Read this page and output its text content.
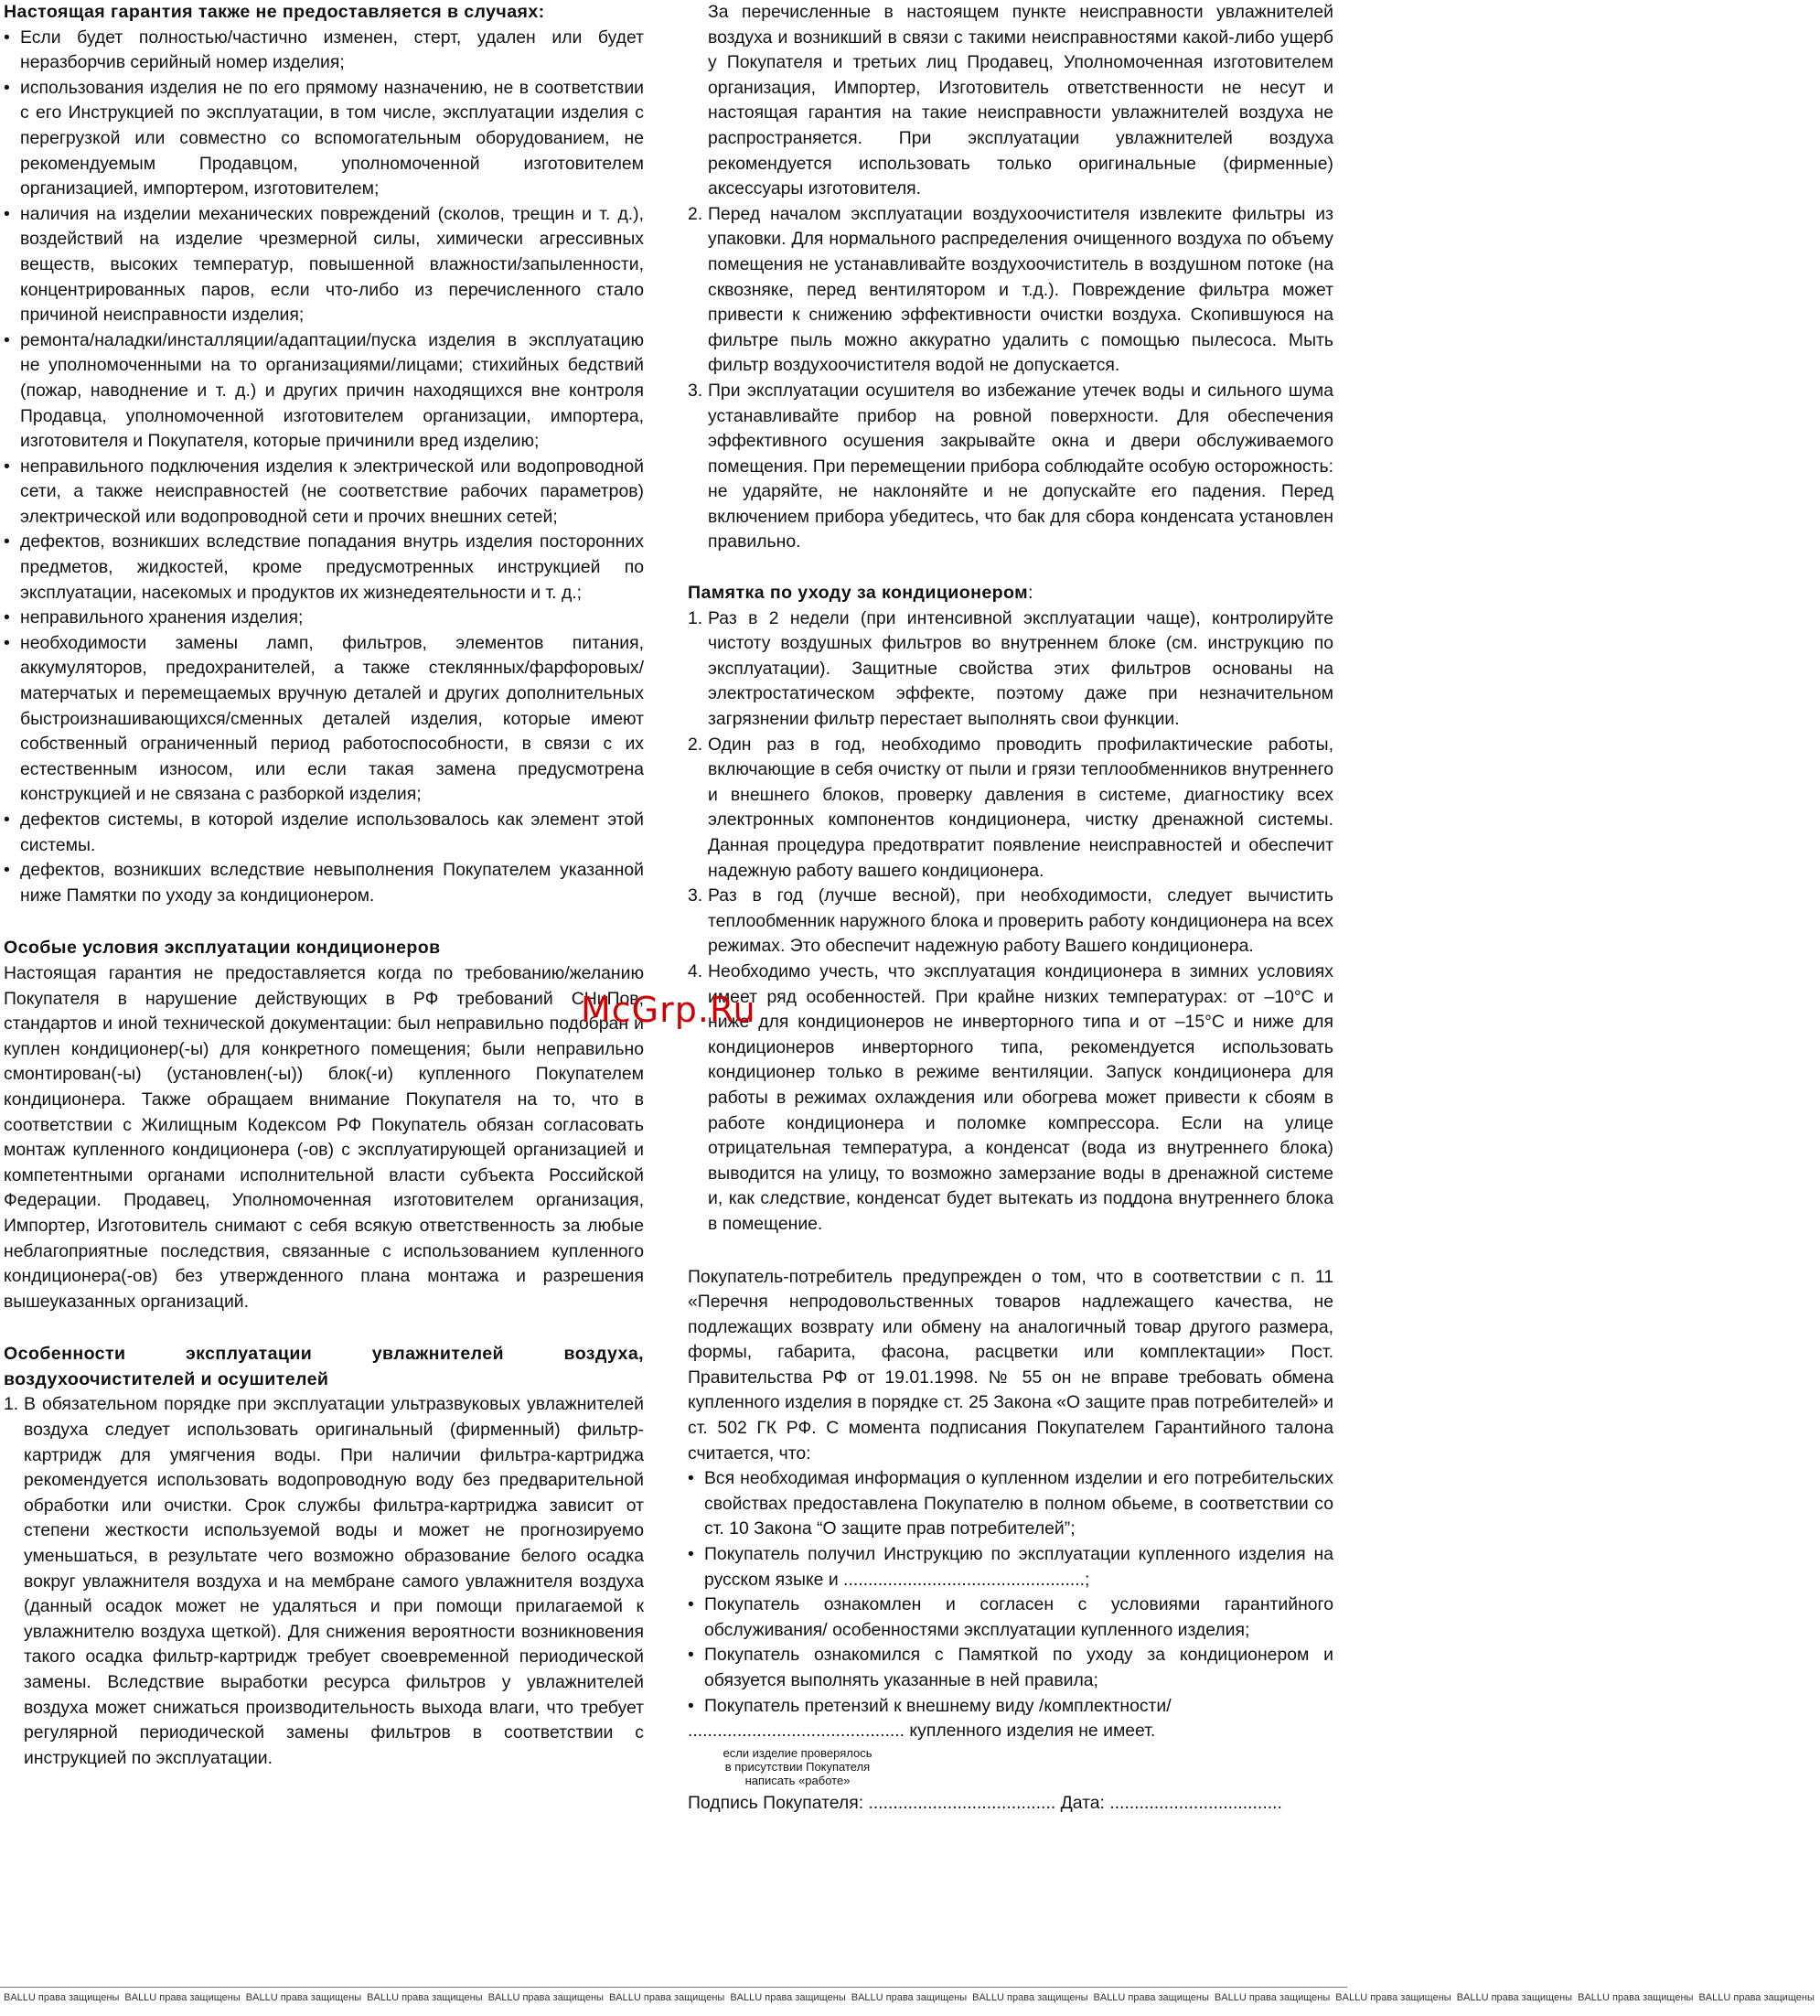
Настоящая гарантия также не предоставляется в случаях:

• Если будет полностью/частично изменен, стерт, удален или будет неразборчив серийный номер изделия;
• использования изделия не по его прямому назначению, не в соответствии с его Инструкцией по эксплуатации, в том числе, эксплуатации изделия с перегрузкой или совместно со вспомогательным оборудованием, не рекомендуемым Продавцом, уполномоченной изготовителем организацией, импортером, изготовителем;
• наличия на изделии механических повреждений (сколов, трещин и т. д.), воздействий на изделие чрезмерной силы, химически агрессивных веществ, высоких температур, повышенной влажности/запыленности, концентрированных паров, если что-либо из перечисленного стало причиной неисправности изделия;
• ремонта/наладки/инсталляции/адаптации/пуска изделия в эксплуатацию не уполномоченными на то организациями/лицами; стихийных бедствий (пожар, наводнение и т. д.) и других причин находящихся вне контроля Продавца, уполномоченной изготовителем организации, импортера, изготовителя и Покупателя, которые причинили вред изделию;
• неправильного подключения изделия к электрической или водопроводной сети, а также неисправностей (не соответствие рабочих параметров) электрической или водопроводной сети и прочих внешних сетей;
• дефектов, возникших вследствие попадания внутрь изделия посторонних предметов, жидкостей, кроме предусмотренных инструкцией по эксплуатации, насекомых и продуктов их жизнедеятельности и т. д.;
• неправильного хранения изделия;
• необходимости замены ламп, фильтров, элементов питания, аккумуляторов, предохранителей, а также стеклянных/фарфоровых/матерчатых и перемещаемых вручную деталей и других дополнительных быстроизнашивающихся/сменных деталей изделия, которые имеют собственный ограниченный период работоспособности, в связи с их естественным износом, или если такая замена предусмотрена конструкцией и не связана с разборкой изделия;
• дефектов системы, в которой изделие использовалось как элемент этой системы.
• дефектов, возникших вследствие невыполнения Покупателем указанной ниже Памятки по уходу за кондиционером.

Особые условия эксплуатации кондиционеров

Настоящая гарантия не предоставляется когда по требованию/желанию Покупателя в нарушение действующих в РФ требований СНиПов, стандартов и иной технической документации: был неправильно подобран и куплен кондиционер(-ы) для конкретного помещения; были неправильно смонтирован(-ы) (установлен(-ы)) блок(-и) купленного Покупателем кондиционера. Также обращаем внимание Покупателя на то, что в соответствии с Жилищным Кодексом РФ Покупатель обязан согласовать монтаж купленного кондиционера (-ов) с эксплуатирующей организацией и компетентными органами исполнительной власти субъекта Российской Федерации. Продавец, Уполномоченная изготовителем организация, Импортер, Изготовитель снимают с себя всякую ответственность за любые неблагоприятные последствия, связанные с использованием купленного кондиционера(-ов) без утвержденного плана монтажа и разрешения вышеуказанных организаций.

Особенности эксплуатации увлажнителей воздуха, воздухоочистителей и осушителей

1. В обязательном порядке при эксплуатации ультразвуковых увлажнителей воздуха следует использовать оригинальный (фирменный) фильтр-картридж для умягчения воды. При наличии фильтра-картриджа рекомендуется использовать водопроводную воду без предварительной обработки или очистки. Срок службы фильтра-картриджа зависит от степени жесткости используемой воды и может не прогнозируемо уменьшаться, в результате чего возможно образование белого осадка вокруг увлажнителя воздуха и на мембране самого увлажнителя воздуха (данный осадок может не удаляться и при помощи прилагаемой к увлажнителю воздуха щеткой). Для снижения вероятности возникновения такого осадка фильтр-картридж требует своевременной периодической замены. Вследствие выработки ресурса фильтров у увлажнителей воздуха может снижаться производительность выхода влаги, что требует регулярной периодической замены фильтров в соответствии с инструкцией по эксплуатации.

За перечисленные в настоящем пункте неисправности увлажнителей воздуха и возникший в связи с такими неисправностями какой-либо ущерб у Покупателя и третьих лиц Продавец, Уполномоченная изготовителем организация, Импортер, Изготовитель ответственности не несут и настоящая гарантия на такие неисправности увлажнителей воздуха не распространяется. При эксплуатации увлажнителей воздуха рекомендуется использовать только оригинальные (фирменные) аксессуары изготовителя.

2. Перед началом эксплуатации воздухоочистителя извлеките фильтры из упаковки. Для нормального распределения очищенного воздуха по объему помещения не устанавливайте воздухоочиститель в воздушном потоке (на сквозняке, перед вентилятором и т.д.). Повреждение фильтра может привести к снижению эффективности очистки воздуха. Скопившуюся на фильтре пыль можно аккуратно удалить с помощью пылесоса. Мыть фильтр воздухоочистителя водой не допускается.
3. При эксплуатации осушителя во избежание утечек воды и сильного шума устанавливайте прибор на ровной поверхности. Для обеспечения эффективного осушения закрывайте окна и двери обслуживаемого помещения. При перемещении прибора соблюдайте особую осторожность: не ударяйте, не наклоняйте и не допускайте его падения. Перед включением прибора убедитесь, что бак для сбора конденсата установлен правильно.

Памятка по уходу за кондиционером:

1. Раз в 2 недели (при интенсивной эксплуатации чаще), контролируйте чистоту воздушных фильтров во внутреннем блоке (см. инструкцию по эксплуатации). Защитные свойства этих фильтров основаны на электростатическом эффекте, поэтому даже при незначительном загрязнении фильтр перестает выполнять свои функции.
2. Один раз в год, необходимо проводить профилактические работы, включающие в себя очистку от пыли и грязи теплообменников внутреннего и внешнего блоков, проверку давления в системе, диагностику всех электронных компонентов кондиционера, чистку дренажной системы. Данная процедура предотвратит появление неисправностей и обеспечит надежную работу вашего кондиционера.
3. Раз в год (лучше весной), при необходимости, следует вычистить теплообменник наружного блока и проверить работу кондиционера на всех режимах. Это обеспечит надежную работу Вашего кондиционера.
4. Необходимо учесть, что эксплуатация кондиционера в зимних условиях имеет ряд особенностей. При крайне низких температурах: от –10°С и ниже для кондиционеров не инверторного типа и от –15°С и ниже для кондиционеров инверторного типа, рекомендуется использовать кондиционер только в режиме вентиляции. Запуск кондиционера для работы в режимах охлаждения или обогрева может привести к сбоям в работе кондиционера и поломке компрессора. Если на улице отрицательная температура, а конденсат (вода из внутреннего блока) выводится на улицу, то возможно замерзание воды в дренажной системе и, как следствие, конденсат будет вытекать из поддона внутреннего блока в помещение.

Покупатель-потребитель предупрежден о том, что в соответствии с п. 11 «Перечня непродовольственных товаров надлежащего качества, не подлежащих возврату или обмену на аналогичный товар другого размера, формы, габарита, фасона, расцветки или комплектации» Пост. Правительства РФ от 19.01.1998. № 55 он не вправе требовать обмена купленного изделия в порядке ст. 25 Закона «О защите прав потребителей» и ст. 502 ГК РФ. С момента подписания Покупателем Гарантийного талона считается, что:

• Вся необходимая информация о купленном изделии и его потребительских свойствах предоставлена Покупателю в полном обьеме, в соответствии со ст. 10 Закона “О защите прав потребителей”;
• Покупатель получил Инструкцию по эксплуатации купленного изделия на русском языке и .................................................;
• Покупатель ознакомлен и согласен с условиями гарантийного обслуживания/ особенностями эксплуатации купленного изделия;
• Покупатель ознакомился с Памяткой по уходу за кондиционером и обязуется выполнять указанные в ней правила;
• Покупатель претензий к внешнему виду /комплектности/

............................................ купленного изделия не имеет.

если изделие проверялось
в присутствии Покупателя
написать «работе»

Подпись Покупателя: ...................................... Дата: ...................................

McGrp.Ru
BALLU права защищены BALLU права защищены BALLU права защищены BALLU права защищены BALLU права защищены BALLU права защищены BALLU права защищены BALLU права защищены BALLU права защищены BALLU права защищены BALLU права защищены BALLU права защищены BALLU права защищены BALLU права защищены BALLU права защищены
